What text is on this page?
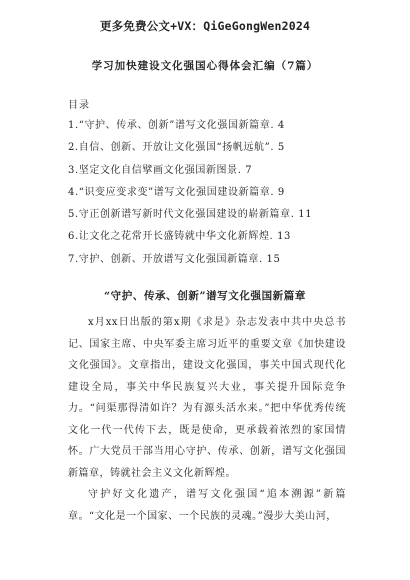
更多免费公文+VX：QiGeGongWen2024
学习加快建设文化强国心得体会汇编（7篇）
目录
1.“守护、传承、创新”谱写文化强国新篇章. 4
2.自信、创新、开放让文化强国“扬帆远航”. 5
3.坚定文化自信擘画文化强国新图景. 7
4.“识变应变求变”谱写文化强国建设新篇章. 9
5.守正创新谱写新时代文化强国建设的崭新篇章. 11
6.让文化之花常开长盛铸就中华文化新辉煌. 13
7.守护、创新、开放谱写文化强国新篇章. 15
“守护、传承、创新”谱写文化强国新篇章

x月xx日出版的第x期《求是》杂志发表中共中央总书记、国家主席、中央军委主席习近平的重要文章《加快建设文化强国》。文章指出，建设文化强国，事关中国式现代化建设全局，事关中华民族复兴大业，事关提升国际竞争力。“问渠那得清如许？为有源头活水来。”把中华优秀传统文化一代一代传下去，既是使命，更承载着浓烈的家国情怀。广大党员干部当用心守护、传承、创新，谱写文化强国新篇章，铸就社会主义文化新辉煌。

守护好文化遗产，谱写文化强国“追本溯源”新篇章。“文化是一个国家、一个民族的灵魂。”漫步大美山河，
